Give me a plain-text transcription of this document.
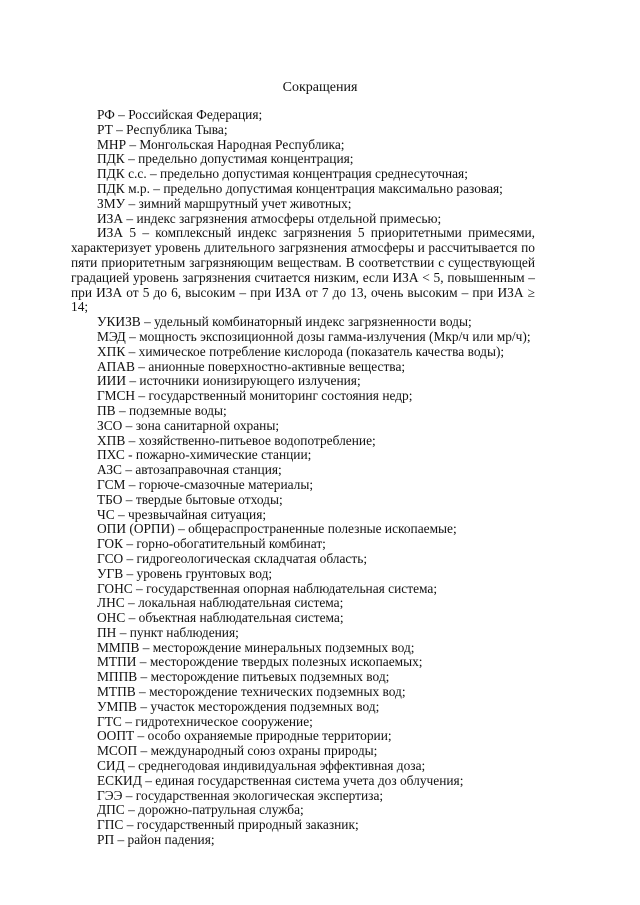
Сокращения
РФ – Российская Федерация;
РТ – Республика Тыва;
МНР – Монгольская Народная Республика;
ПДК – предельно допустимая концентрация;
ПДК с.с. – предельно допустимая концентрация среднесуточная;
ПДК м.р. – предельно допустимая концентрация максимально разовая;
ЗМУ – зимний маршрутный учет животных;
ИЗА – индекс загрязнения атмосферы отдельной примесью;
ИЗА 5 – комплексный индекс загрязнения 5 приоритетными примесями, характеризует уровень длительного загрязнения атмосферы и рассчитывается по пяти приоритетным загрязняющим веществам. В соответствии с существующей градацией уровень загрязнения считается низким, если ИЗА < 5, повышенным – при ИЗА от 5 до 6, высоким – при ИЗА от 7 до 13, очень высоким – при ИЗА ≥ 14;
УКИЗВ – удельный комбинаторный индекс загрязненности воды;
МЭД – мощность экспозиционной дозы гамма-излучения (Мкр/ч или мр/ч);
ХПК – химическое потребление кислорода (показатель качества воды);
АПАВ – анионные поверхностно-активные вещества;
ИИИ – источники ионизирующего излучения;
ГМСН – государственный мониторинг состояния недр;
ПВ – подземные воды;
ЗСО – зона санитарной охраны;
ХПВ – хозяйственно-питьевое водопотребление;
ПХС - пожарно-химические станции;
АЗС – автозаправочная станция;
ГСМ – горюче-смазочные материалы;
ТБО – твердые бытовые отходы;
ЧС – чрезвычайная ситуация;
ОПИ (ОРПИ) – общераспространенные полезные ископаемые;
ГОК – горно-обогатительный комбинат;
ГСО – гидрогеологическая складчатая область;
УГВ – уровень грунтовых вод;
ГОНС – государственная опорная наблюдательная система;
ЛНС – локальная наблюдательная система;
ОНС – объектная наблюдательная система;
ПН – пункт наблюдения;
ММПВ – месторождение минеральных подземных вод;
МТПИ – месторождение твердых полезных ископаемых;
МППВ – месторождение питьевых подземных вод;
МТПВ – месторождение технических подземных вод;
УМПВ – участок месторождения подземных вод;
ГТС – гидротехническое сооружение;
ООПТ – особо охраняемые природные территории;
МСОП – международный союз охраны природы;
СИД – среднегодовая индивидуальная эффективная доза;
ЕСКИД – единая государственная система учета доз облучения;
ГЭЭ – государственная экологическая экспертиза;
ДПС – дорожно-патрульная служба;
ГПС – государственный природный заказник;
РП – район падения;
